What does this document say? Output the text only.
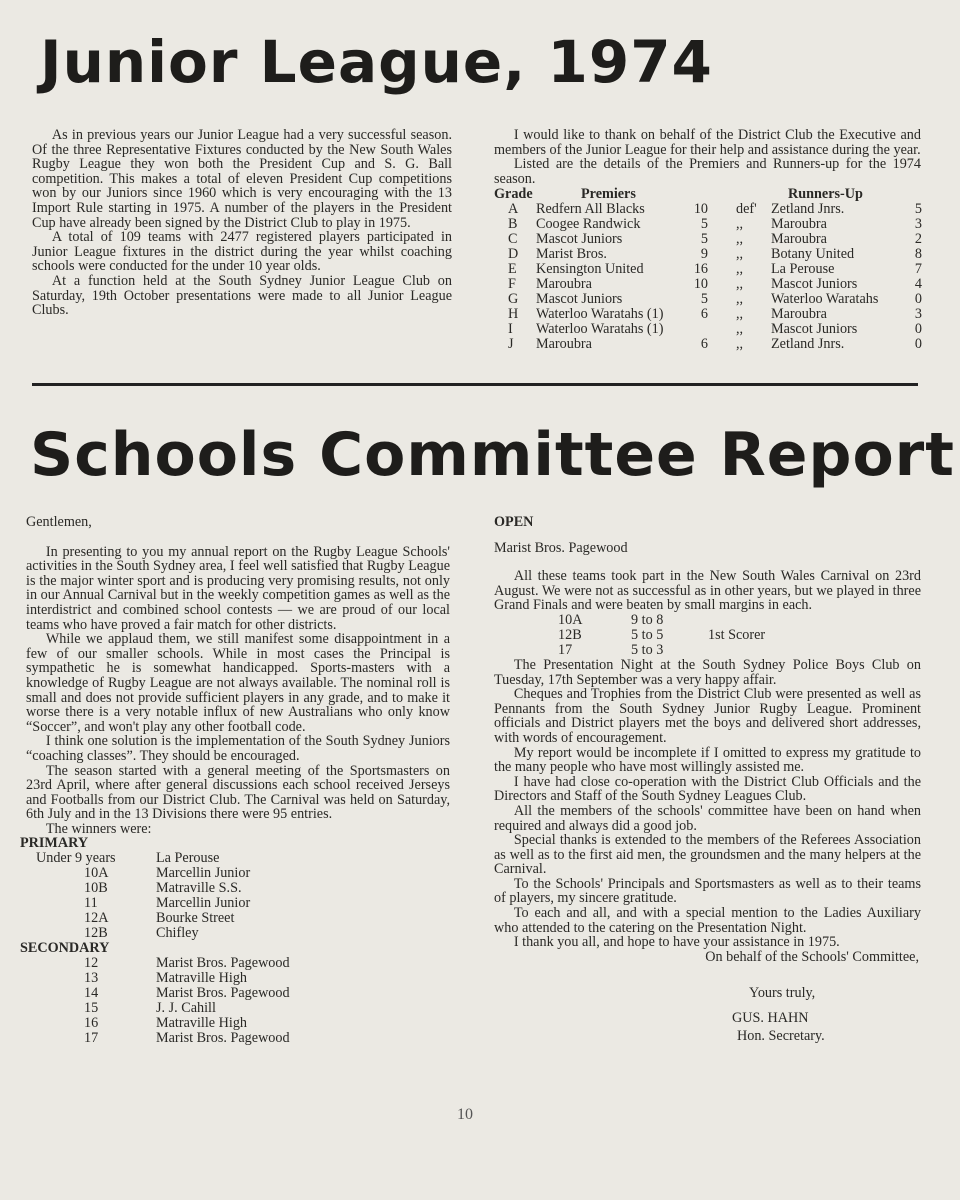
Junior League, 1974

As in previous years our Junior League had a very successful season. Of the three Representative Fixtures conducted by the New South Wales Rugby League they won both the President Cup and S. G. Ball competition. This makes a total of eleven President Cup competitions won by our Juniors since 1960 which is very encouraging with the 13 Import Rule starting in 1975. A number of the players in the President Cup have already been signed by the District Club to play in 1975.

A total of 109 teams with 2477 registered players participated in Junior League fixtures in the district during the year whilst coaching schools were conducted for the under 10 year olds.

At a function held at the South Sydney Junior League Club on Saturday, 19th October presentations were made to all Junior League Clubs.

I would like to thank on behalf of the District Club the Executive and members of the Junior League for their help and assistance during the year.

Listed are the details of the Premiers and Runners-up for the 1974 season.

Grade	Premiers	Runners-Up
A Redfern All Blacks	10 def' Zetland Jnrs.	5
B Coogee Randwick	5 ,, Maroubra	3
C Mascot Juniors	5 ,, Maroubra	2
D Marist Bros.	9 ,, Botany United	8
E Kensington United	16 ,, La Perouse	7
F Maroubra	10 ,, Mascot Juniors	4
G Mascot Juniors	5 ,, Waterloo Waratahs	0
H Waterloo Waratahs (1)	6 ,, Maroubra	3
I Waterloo Waratahs (1)	,, Mascot Juniors	0
J Maroubra	6 ,, Zetland Jnrs.	0
Schools Committee Report

Gentlemen,

In presenting to you my annual report on the Rugby League Schools' activities in the South Sydney area, I feel well satisfied that Rugby League is the major winter sport and is producing very promising results, not only in our Annual Carnival but in the weekly competition games as well as the interdistrict and combined school contests — we are proud of our local teams who have proved a fair match for other districts.

While we applaud them, we still manifest some disappointment in a few of our smaller schools. While in most cases the Principal is sympathetic he is somewhat handicapped. Sports-masters with a knowledge of Rugby League are not always available. The nominal roll is small and does not provide sufficient players in any grade, and to make it worse there is a very notable influx of new Australians who only know “Soccer”, and won't play any other football code.

I think one solution is the implementation of the South Sydney Juniors “coaching classes”. They should be encouraged.

The season started with a general meeting of the Sportsmasters on 23rd April, where after general discussions each school received Jerseys and Footballs from our District Club. The Carnival was held on Saturday, 6th July and in the 13 Divisions there were 95 entries.

The winners were:

PRIMARY
Under 9 years	La Perouse
10A	Marcellin Junior
10B	Matraville S.S.
11	Marcellin Junior
12A	Bourke Street
12B	Chifley
SECONDARY
12	Marist Bros. Pagewood
13	Matraville High
14	Marist Bros. Pagewood
15	J. J. Cahill
16	Matraville High
17	Marist Bros. Pagewood
OPEN

Marist Bros. Pagewood

All these teams took part in the New South Wales Carnival on 23rd August. We were not as successful as in other years, but we played in three Grand Finals and were beaten by small margins in each.

10A	9 to 8
12B	5 to 5	1st Scorer
17	5 to 3

The Presentation Night at the South Sydney Police Boys Club on Tuesday, 17th September was a very happy affair.

Cheques and Trophies from the District Club were presented as well as Pennants from the South Sydney Junior Rugby League. Prominent officials and District players met the boys and delivered short addresses, with words of encouragement.

My report would be incomplete if I omitted to express my gratitude to the many people who have most willingly assisted me.

I have had close co-operation with the District Club Officials and the Directors and Staff of the South Sydney Leagues Club.

All the members of the schools' committee have been on hand when required and always did a good job.

Special thanks is extended to the members of the Referees Association as well as to the first aid men, the groundsmen and the many helpers at the Carnival.

To the Schools' Principals and Sportsmasters as well as to their teams of players, my sincere gratitude.

To each and all, and with a special mention to the Ladies Auxiliary who attended to the catering on the Presentation Night.

I thank you all, and hope to have your assistance in 1975.

On behalf of the Schools' Committee,
Yours truly,
GUS. HAHN
Hon. Secretary.
10
